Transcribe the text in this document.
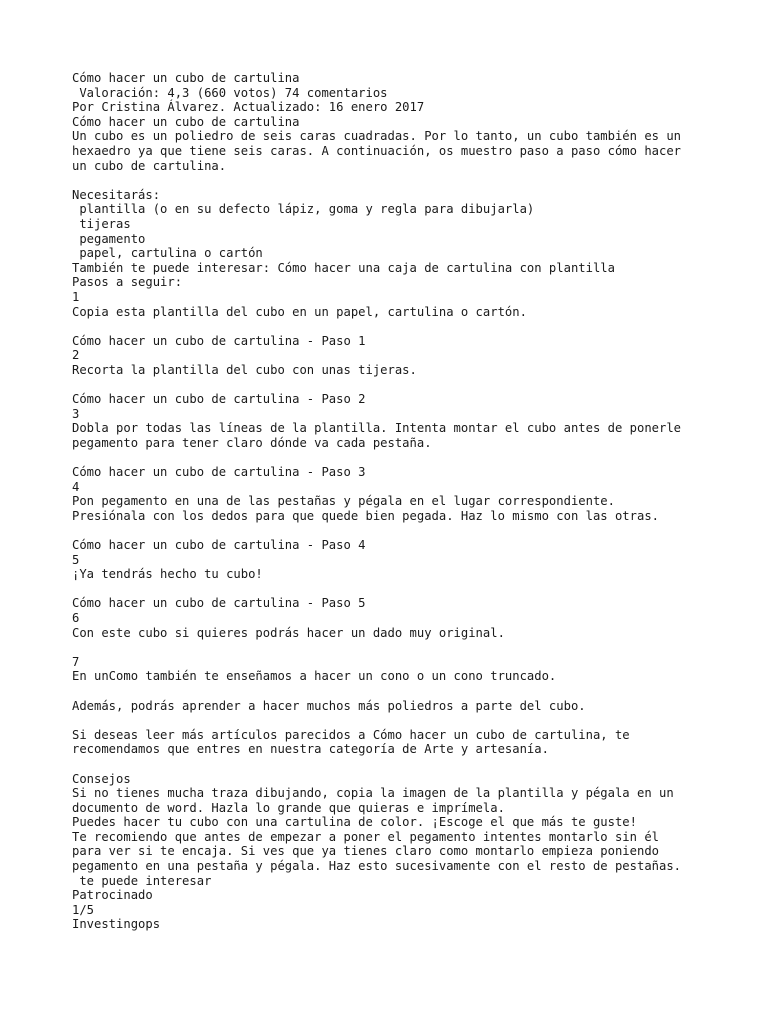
Cómo hacer un cubo de cartulina
Valoración: 4,3 (660 votos) 74 comentarios
Por Cristina Álvarez. Actualizado: 16 enero 2017
Cómo hacer un cubo de cartulina
Un cubo es un poliedro de seis caras cuadradas. Por lo tanto, un cubo también es un
hexaedro ya que tiene seis caras. A continuación, os muestro paso a paso cómo hacer
un cubo de cartulina.
Necesitarás:
plantilla (o en su defecto lápiz, goma y regla para dibujarla)
tijeras
pegamento
papel, cartulina o cartón
También te puede interesar: Cómo hacer una caja de cartulina con plantilla
Pasos a seguir:
1
Copia esta plantilla del cubo en un papel, cartulina o cartón.
Cómo hacer un cubo de cartulina - Paso 1
2
Recorta la plantilla del cubo con unas tijeras.
Cómo hacer un cubo de cartulina - Paso 2
3
Dobla por todas las líneas de la plantilla. Intenta montar el cubo antes de ponerle
pegamento para tener claro dónde va cada pestaña.
Cómo hacer un cubo de cartulina - Paso 3
4
Pon pegamento en una de las pestañas y pégala en el lugar correspondiente.
Presiónala con los dedos para que quede bien pegada. Haz lo mismo con las otras.
Cómo hacer un cubo de cartulina - Paso 4
5
¡Ya tendrás hecho tu cubo!
Cómo hacer un cubo de cartulina - Paso 5
6
Con este cubo si quieres podrás hacer un dado muy original.
7
En unComo también te enseñamos a hacer un cono o un cono truncado.
Además, podrás aprender a hacer muchos más poliedros a parte del cubo.
Si deseas leer más artículos parecidos a Cómo hacer un cubo de cartulina, te
recomendamos que entres en nuestra categoría de Arte y artesanía.
Consejos
Si no tienes mucha traza dibujando, copia la imagen de la plantilla y pégala en un
documento de word. Hazla lo grande que quieras e imprímela.
Puedes hacer tu cubo con una cartulina de color. ¡Escoge el que más te guste!
Te recomiendo que antes de empezar a poner el pegamento intentes montarlo sin él
para ver si te encaja. Si ves que ya tienes claro como montarlo empieza poniendo
pegamento en una pestaña y pégala. Haz esto sucesivamente con el resto de pestañas.
te puede interesar
Patrocinado
1/5
Investingops
